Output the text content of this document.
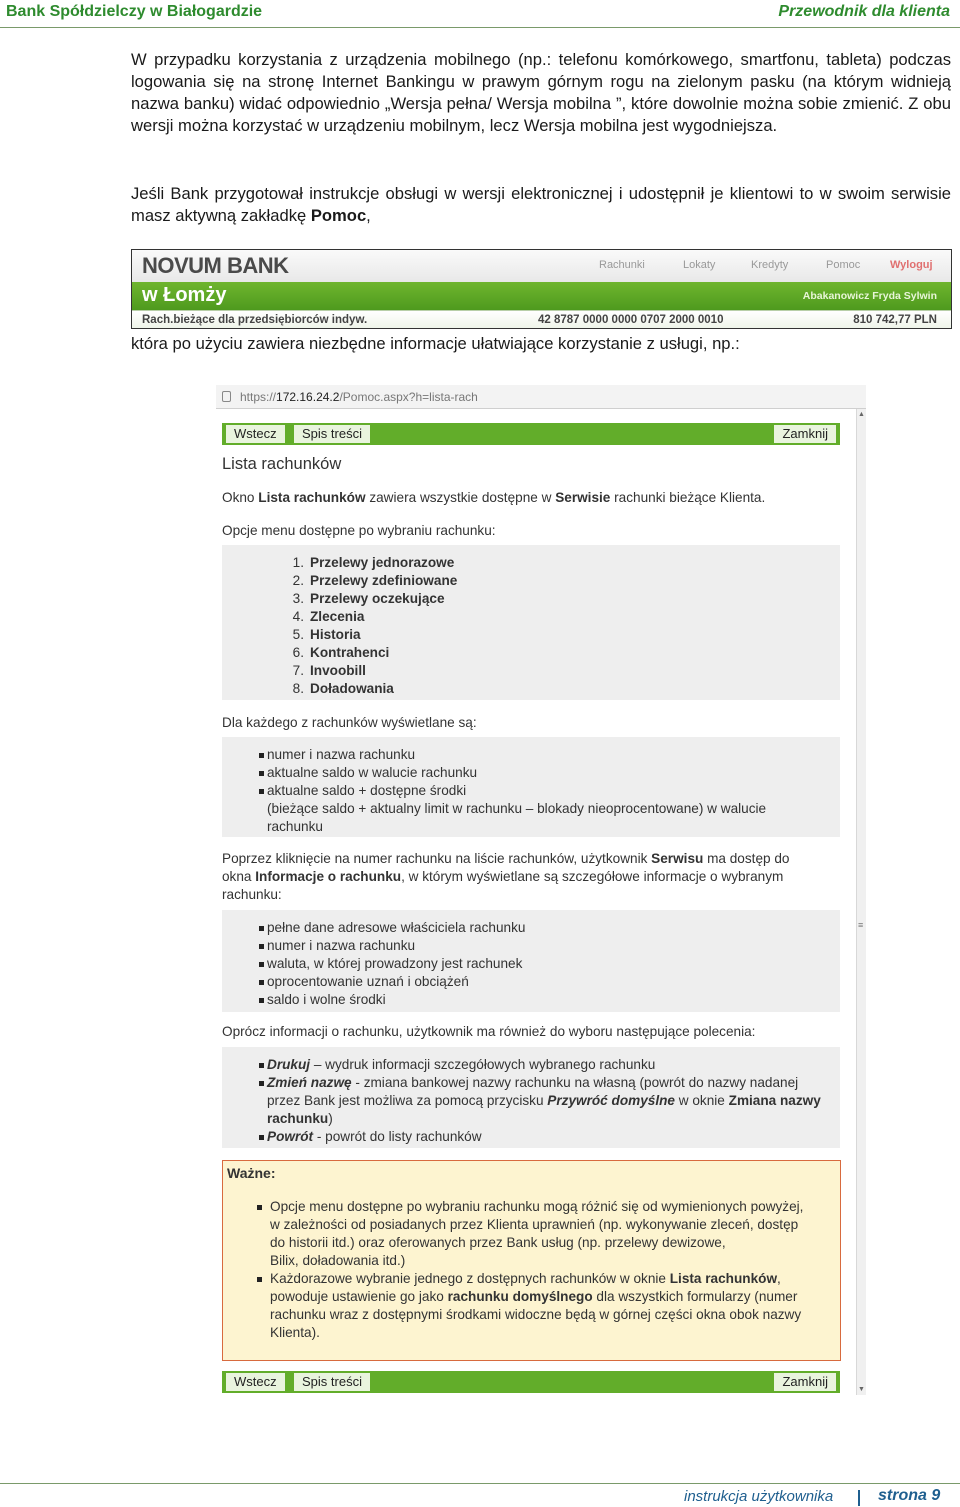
Bank Spółdzielczy w Białogardzie	Przewodnik dla klienta

W przypadku korzystania z urządzenia mobilnego (np.: telefonu komórkowego, smartfonu, tableta) podczas logowania się na stronę Internet Bankingu w prawym górnym rogu na zielonym pasku (na którym widnieją nazwa banku) widać odpowiednio „Wersja pełna/ Wersja mobilna ”, które dowolnie można sobie zmienić. Z obu wersji można korzystać w urządzeniu mobilnym, lecz Wersja mobilna jest wygodniejsza.

Jeśli Bank przygotował instrukcje obsługi w wersji elektronicznej i udostępnił je klientowi to w swoim serwisie masz aktywną zakładkę Pomoc,

NOVUM BANK	Rachunki	Lokaty	Kredyty	Pomoc	Wyloguj
w Łomży	Abakanowicz Fryda Sylwin
Rach.bieżące dla przedsiębiorców indyw.	42 8787 0000 0000 0707 2000 0010	810 742,77 PLN

która po użyciu zawiera niezbędne informacje ułatwiające korzystanie z usługi, np.:

https://172.16.24.2/Pomoc.aspx?h=lista-rach
▲
≡
▼
Wstecz	Spis treści	Zamknij
Lista rachunków
Okno Lista rachunków zawiera wszystkie dostępne w Serwisie rachunki bieżące Klienta.
Opcje menu dostępne po wybraniu rachunku:
1. Przelewy jednorazowe
2. Przelewy zdefiniowane
3. Przelewy oczekujące
4. Zlecenia
5. Historia
6. Kontrahenci
7. Invoobill
8. Doładowania
Dla każdego z rachunków wyświetlane są:
numer i nazwa rachunku
aktualne saldo w walucie rachunku
aktualne saldo + dostępne środki
(bieżące saldo + aktualny limit w rachunku – blokady nieoprocentowane) w walucie
rachunku
Poprzez kliknięcie na numer rachunku na liście rachunków, użytkownik Serwisu ma dostęp do
okna Informacje o rachunku, w którym wyświetlane są szczegółowe informacje o wybranym
rachunku:
pełne dane adresowe właściciela rachunku
numer i nazwa rachunku
waluta, w której prowadzony jest rachunek
oprocentowanie uznań i obciążeń
saldo i wolne środki
Oprócz informacji o rachunku, użytkownik ma również do wyboru następujące polecenia:
Drukuj – wydruk informacji szczegółowych wybranego rachunku
Zmień nazwę - zmiana bankowej nazwy rachunku na własną (powrót do nazwy nadanej
przez Bank jest możliwa za pomocą przycisku Przywróć domyślne w oknie Zmiana nazwy
rachunku)
Powrót - powrót do listy rachunków
Ważne:
Opcje menu dostępne po wybraniu rachunku mogą różnić się od wymienionych powyżej,
w zależności od posiadanych przez Klienta uprawnień (np. wykonywanie zleceń, dostęp
do historii itd.) oraz oferowanych przez Bank usług (np. przelewy dewizowe,
Bilix, doładowania itd.)
Każdorazowe wybranie jednego z dostępnych rachunków w oknie Lista rachunków,
powoduje ustawienie go jako rachunku domyślnego dla wszystkich formularzy (numer
rachunku wraz z dostępnymi środkami widoczne będą w górnej części okna obok nazwy
Klienta).
Wstecz	Spis treści	Zamknij
instrukcja użytkownika	strona 9
